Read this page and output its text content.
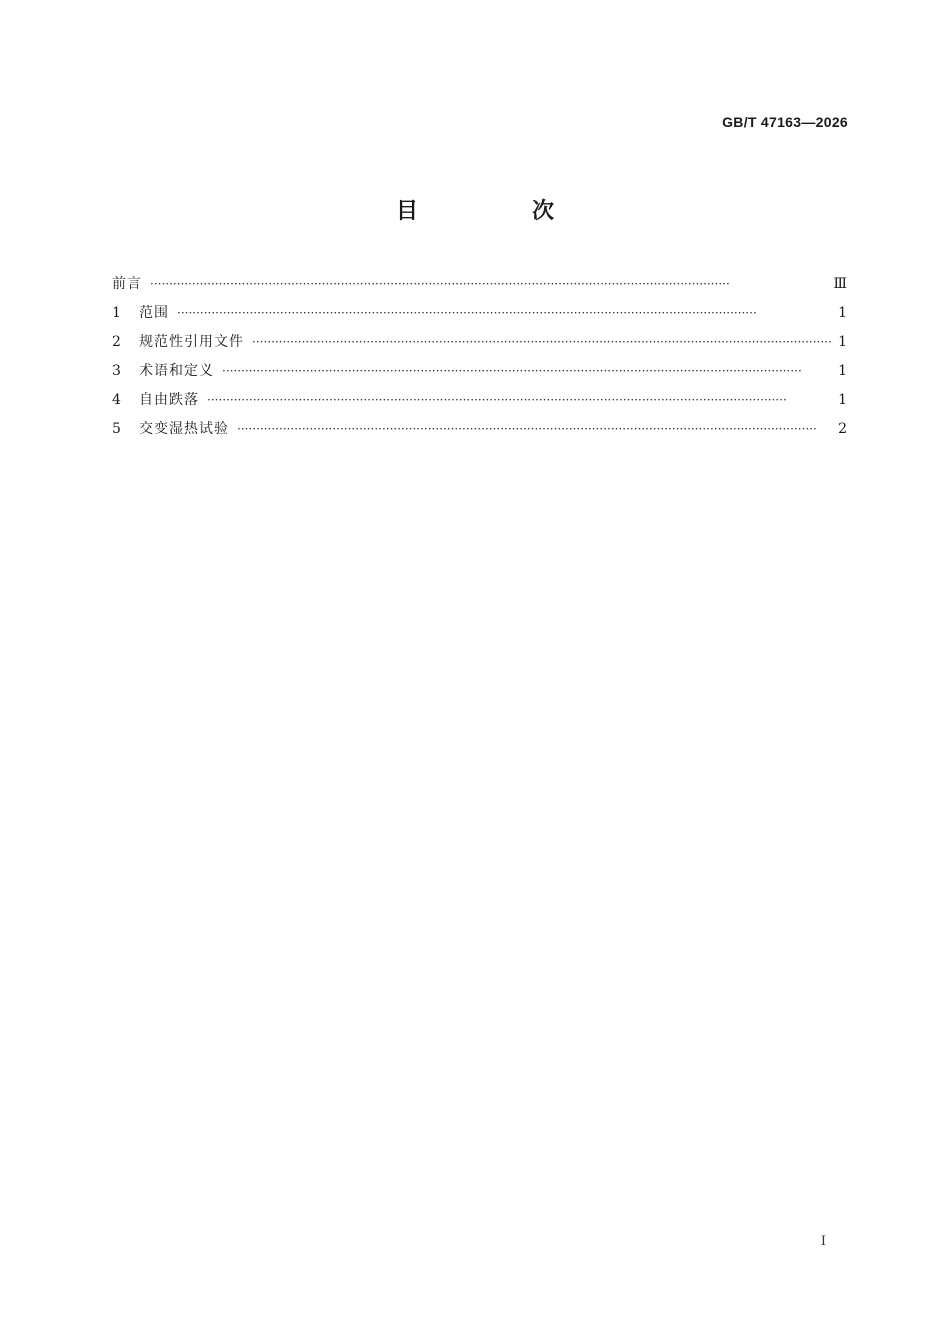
GB/T 47163—2026
目　次
前言 ·····	Ⅲ
1	范围 ·····	1
2	规范性引用文件 ·····	1
3	术语和定义 ·····	1
4	自由跌落 ·····	1
5	交变湿热试验 ·····	2
I
